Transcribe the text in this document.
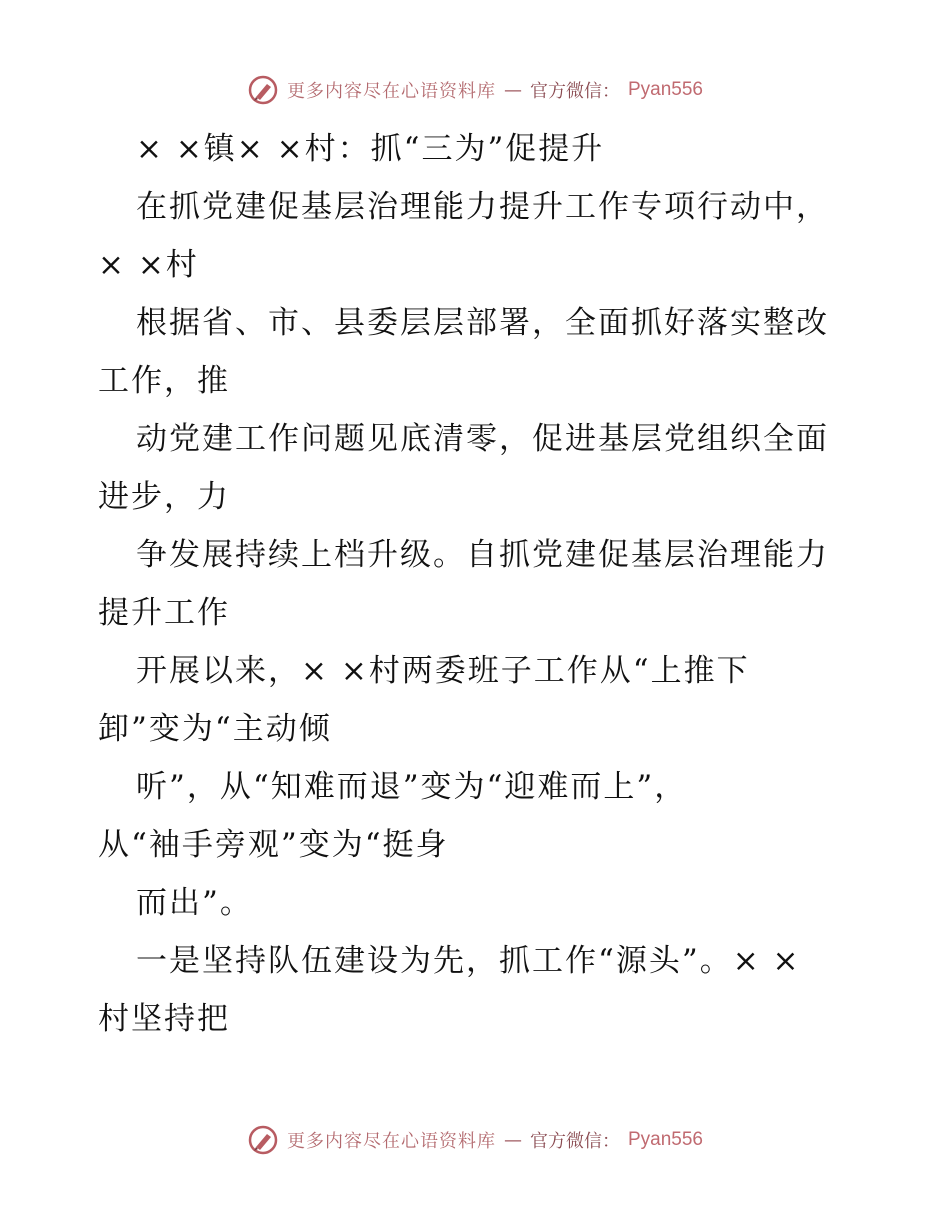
更多内容尽在心语资料库 — 官方微信： Pyan556
× ×镇× ×村：抓“三为”促提升
在抓党建促基层治理能力提升工作专项行动中，
× ×村
根据省、市、县委层层部署，全面抓好落实整改
工作，推
动党建工作问题见底清零，促进基层党组织全面
进步，力
争发展持续上档升级。自抓党建促基层治理能力
提升工作
开展以来，× ×村两委班子工作从“上推下
卸”变为“主动倾
听”，从“知难而退”变为“迎难而上”，
从“袖手旁观”变为“挺身
而出”。
一是坚持队伍建设为先，抓工作“源头”。× ×
村坚持把
更多内容尽在心语资料库 — 官方微信： Pyan556
